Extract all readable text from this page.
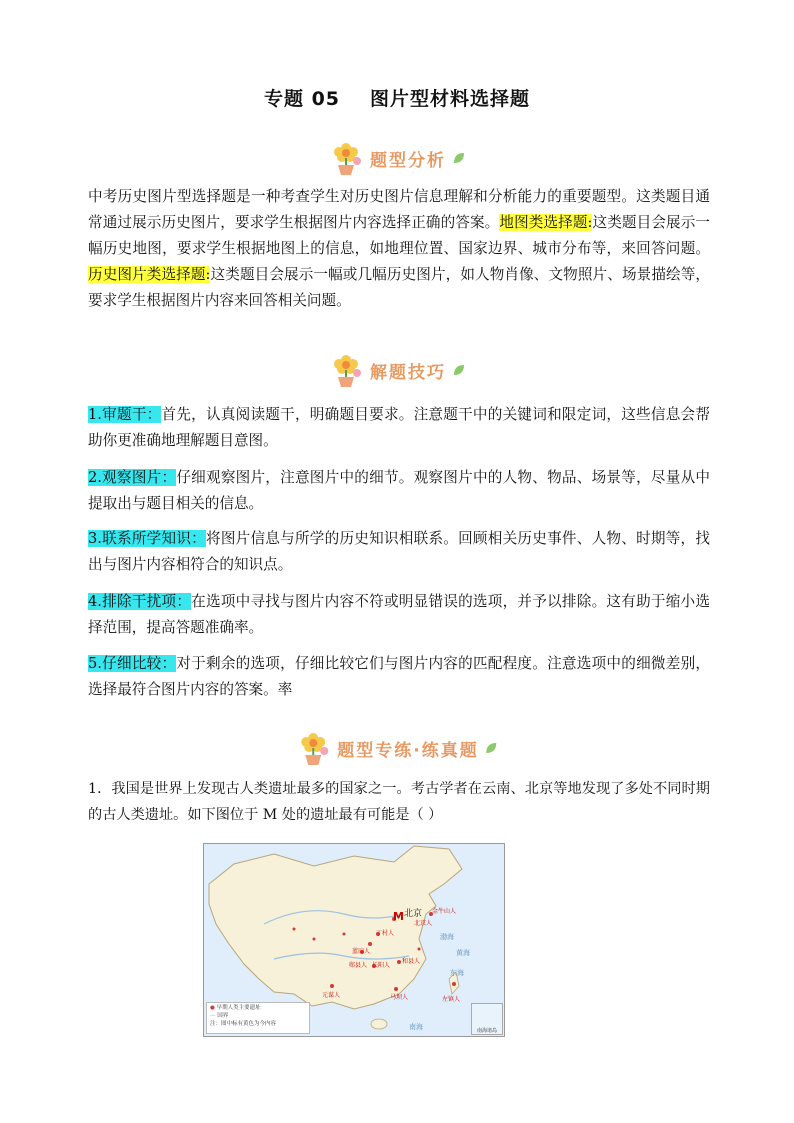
专题 05 图片型材料选择题
题型分析
中考历史图片型选择题是一种考查学生对历史图片信息理解和分析能力的重要题型。这类题目通常通过展示历史图片，要求学生根据图片内容选择正确的答案。地图类选择题:这类题目会展示一幅历史地图，要求学生根据地图上的信息，如地理位置、国家边界、城市分布等，来回答问题。历史图片类选择题:这类题目会展示一幅或几幅历史图片，如人物肖像、文物照片、场景描绘等，要求学生根据图片内容来回答相关问题。
解题技巧
1.审题干：首先，认真阅读题干，明确题目要求。注意题干中的关键词和限定词，这些信息会帮助你更准确地理解题目意图。
2.观察图片：仔细观察图片，注意图片中的细节。观察图片中的人物、物品、场景等，尽量从中提取出与题目相关的信息。
3.联系所学知识：将图片信息与所学的历史知识相联系。回顾相关历史事件、人物、时期等，找出与图片内容相符合的知识点。
4.排除干扰项：在选项中寻找与图片内容不符或明显错误的选项，并予以排除。这有助于缩小选择范围，提高答题准确率。
5.仔细比较：对于剩余的选项，仔细比较它们与图片内容的匹配程度。注意选项中的细微差别，选择最符合图片内容的答案。率
题型专练·练真题
1．我国是世界上发现古人类遗址最多的国家之一。考古学者在云南、北京等地发现了多处不同时期的古人类遗址。如下图位于 M 处的遗址最有可能是（ ）
M 北京 金牛山人
丁村人
蓝田人
郧县人
北京人
和县人
长阳人
元谋人	马坝人	左镇人
渤海
黄海
东海
南海
● 早期人类主要遗址
— 国界
注：图中标有黄色为今内容
南海诸岛
